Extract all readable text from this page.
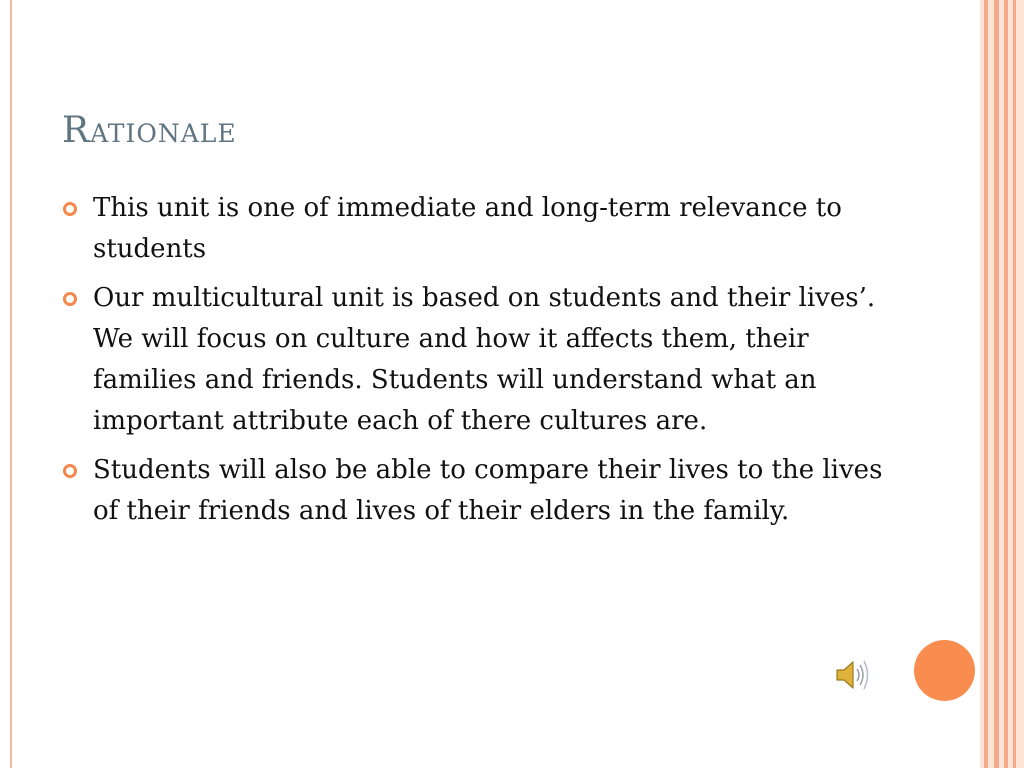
Rationale
This unit is one of immediate and long-term relevance to students
Our multicultural unit is based on students and their lives’. We will focus on culture and how it affects them, their families and friends. Students will understand what an important attribute each of there cultures are.
Students will also be able to compare their lives to the lives of their friends and lives of their elders in the family.
